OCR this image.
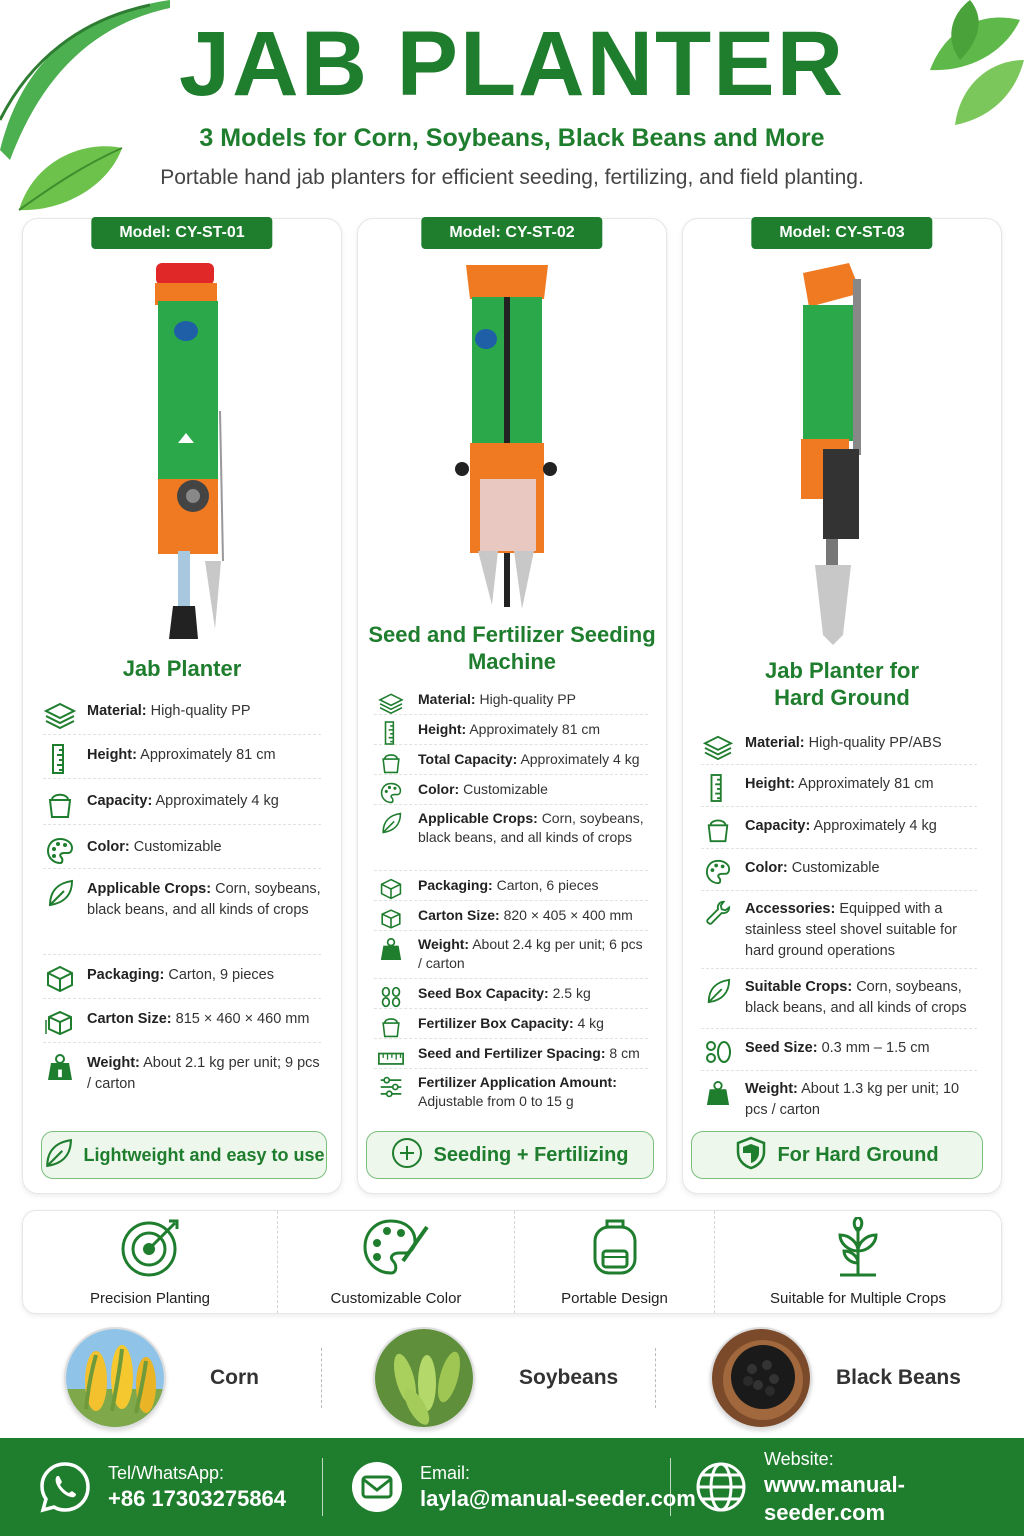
JAB PLANTER
3 Models for Corn, Soybeans, Black Beans and More
Portable hand jab planters for efficient seeding, fertilizing, and field planting.
Model: CY-ST-01
Jab Planter
Material: High-quality PP
Height: Approximately 81 cm
Capacity: Approximately 4 kg
Color: Customizable
Applicable Crops: Corn, soybeans, black beans, and all kinds of crops
Packaging: Carton, 9 pieces
Carton Size: 815 × 460 × 460 mm
▮
Weight: About 2.1 kg per unit; 9 pcs / carton
Lightweight and easy to use
Model: CY-ST-02
Seed and Fertilizer Seeding Machine
Material: High-quality PP
Height: Approximately 81 cm
Total Capacity: Approximately 4 kg
Color: Customizable
Applicable Crops: Corn, soybeans, black beans, and all kinds of crops
Packaging: Carton, 6 pieces
Carton Size: 820 × 405 × 400 mm
Weight: About 2.4 kg per unit; 6 pcs / carton
Seed Box Capacity: 2.5 kg
Fertilizer Box Capacity: 4 kg
Seed and Fertilizer Spacing: 8 cm
Fertilizer Application Amount: Adjustable from 0 to 15 g
Seeding + Fertilizing
Model: CY-ST-03
Jab Planter for Hard Ground
Material: High-quality PP/ABS
Height: Approximately 81 cm
Capacity: Approximately 4 kg
Color: Customizable
Accessories: Equipped with a stainless steel shovel suitable for hard ground operations
Suitable Crops: Corn, soybeans, black beans, and all kinds of crops
Seed Size: 0.3 mm – 1.5 cm
Weight: About 1.3 kg per unit; 10 pcs / carton
For Hard Ground
Precision Planting	Customizable Color	Portable Design	Suitable for Multiple Crops
Corn	Soybeans	Black Beans
Tel/WhatsApp:
+86 17303275864
Email:
layla@manual-seeder.com
Website:
www.manual-seeder.com
